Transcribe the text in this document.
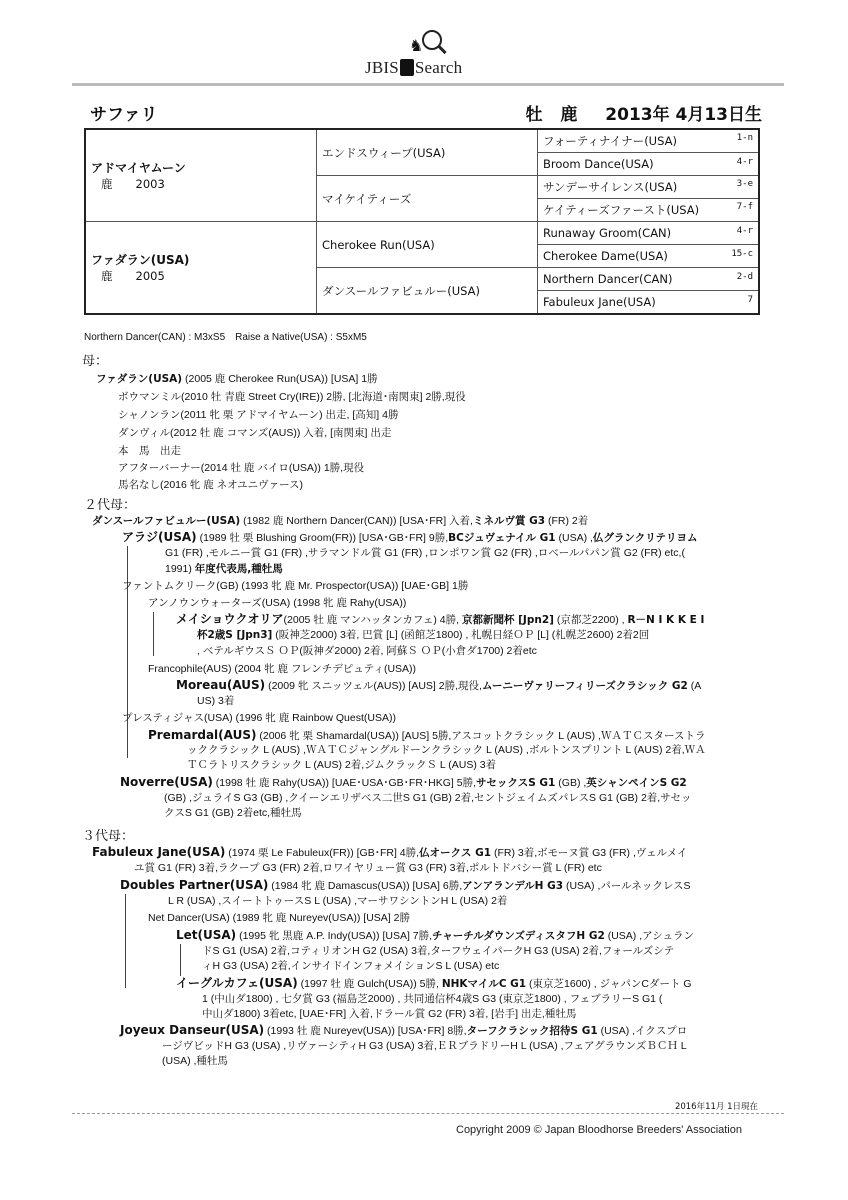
♞
JBIS Search
サファリ	牡 鹿 2013年 4月13日生
アドマイヤムーン
鹿　　 2003	エンドスウィープ(USA)	フォーティナイナー(USA) 1-n

		Broom Dance(USA) 4-r

	マイケイティーズ	サンデーサイレンス(USA) 3-e

		ケイティーズファースト(USA) 7-f

ファダラン(USA)
鹿　　 2005	Cherokee Run(USA)	Runaway Groom(CAN) 4-r

		Cherokee Dame(USA) 15-c

	ダンスールファビュルー(USA)	Northern Dancer(CAN) 2-d

		Fabuleux Jane(USA) 7
Northern Dancer(CAN) : M3xS5　Raise a Native(USA) : S5xM5
母：
ファダラン(USA) (2005 鹿 Cherokee Run(USA)) [USA] 1勝
ボウマンミル(2010 牡 青鹿 Street Cry(IRE)) 2勝, [北海道･南関東] 2勝,現役
シャノンラン(2011 牝 栗 アドマイヤムーン) 出走, [高知] 4勝
ダンヴィル(2012 牡 鹿 コマンズ(AUS)) 入着, [南関東] 出走
本　馬　出走
アフターバーナー(2014 牡 鹿 バイロ(USA)) 1勝,現役
馬名なし(2016 牝 鹿 ネオユニヴァース)
２代母：
ダンスールファビュルー(USA) (1982 鹿 Northern Dancer(CAN)) [USA･FR] 入着,ミネルヴ賞 G3 (FR) 2着
アラジ(USA) (1989 牡 栗 Blushing Groom(FR)) [USA･GB･FR] 9勝,BCジュヴェナイル G1 (USA) ,仏グランクリテリヨム
G1 (FR) ,モルニー賞 G1 (FR) ,サラマンドル賞 G1 (FR) ,ロンポワン賞 G2 (FR) ,ロベールパパン賞 G2 (FR) etc,(
1991) 年度代表馬,種牡馬
ファントムクリーク(GB) (1993 牝 鹿 Mr. Prospector(USA)) [UAE･GB] 1勝
アンノウンウォーターズ(USA) (1998 牝 鹿 Rahy(USA))
メイショウクオリア(2005 牡 鹿 マンハッタンカフェ) 4勝, 京都新聞杯 [Jpn2] (京都芝2200) , R－N I K K E I
杯2歳S [Jpn3] (阪神芝2000) 3着, 巴賞 [L] (函館芝1800) , 札幌日経ＯＰ [L] (札幌芝2600) 2着2回
, ベテルギウスＳ ＯＰ(阪神ダ2000) 2着, 阿蘇Ｓ ＯＰ(小倉ダ1700) 2着etc
Francophile(AUS) (2004 牝 鹿 フレンチデピュティ(USA))
Moreau(AUS) (2009 牝 スニッツェル(AUS)) [AUS] 2勝,現役,ムーニーヴァリーフィリーズクラシック G2 (A
US) 3着
プレスティジャス(USA) (1996 牝 鹿 Rainbow Quest(USA))
Premardal(AUS) (2006 牝 栗 Shamardal(USA)) [AUS] 5勝,アスコットクラシック L (AUS) ,ＷＡＴＣスターストラ
ッククラシック L (AUS) ,ＷＡＴＣジャングルドーンクラシック L (AUS) ,ボルトンスプリント L (AUS) 2着,ＷＡ
ＴＣラトリスクラシック L (AUS) 2着,ジムクラックＳ L (AUS) 3着
Noverre(USA) (1998 牡 鹿 Rahy(USA)) [UAE･USA･GB･FR･HKG] 5勝,サセックスS G1 (GB) ,英シャンペインS G2
(GB) ,ジュライS G3 (GB) ,クイーンエリザベス二世S G1 (GB) 2着,セントジェイムズパレスS G1 (GB) 2着,サセッ
クスS G1 (GB) 2着etc,種牡馬
３代母：
Fabuleux Jane(USA) (1974 栗 Le Fabuleux(FR)) [GB･FR] 4勝,仏オークス G1 (FR) 3着,ボモーヌ賞 G3 (FR) ,ヴェルメイ
ユ賞 G1 (FR) 3着,ラクープ G3 (FR) 2着,ロワイヤリュー賞 G3 (FR) 3着,ポルトドバシー賞 L (FR) etc
Doubles Partner(USA) (1984 牝 鹿 Damascus(USA)) [USA] 6勝,アンアランデルH G3 (USA) ,パールネックレスS
L R (USA) ,スイートトゥースS L (USA) ,マーサワシントンH L (USA) 2着
Net Dancer(USA) (1989 牝 鹿 Nureyev(USA)) [USA] 2勝
Let(USA) (1995 牝 黒鹿 A.P. Indy(USA)) [USA] 7勝,チャーチルダウンズディスタフH G2 (USA) ,アシュラン
ドS G1 (USA) 2着,コティリオンH G2 (USA) 3着,ターフウェイパークH G3 (USA) 2着,フォールズシテ
ィH G3 (USA) 2着,インサイドインフォメイションS L (USA) etc
イーグルカフェ(USA) (1997 牡 鹿 Gulch(USA)) 5勝, NHKマイルC G1 (東京芝1600) , ジャパンCダート G
1 (中山ダ1800) , 七夕賞 G3 (福島芝2000) , 共同通信杯4歳S G3 (東京芝1800) , フェブラリーS G1 (
中山ダ1800) 3着etc, [UAE･FR] 入着,ドラール賞 G2 (FR) 3着, [岩手] 出走,種牡馬
Joyeux Danseur(USA) (1993 牡 鹿 Nureyev(USA)) [USA･FR] 8勝,ターフクラシック招待S G1 (USA) ,イクスプロ
ージヴビッドH G3 (USA) ,リヴァーシティH G3 (USA) 3着,ＥＲブラドリーH L (USA) ,フェアグラウンズＢＣＨ L
(USA) ,種牡馬
2016年11月 1日現在
Copyright 2009 © Japan Bloodhorse Breeders' Association
